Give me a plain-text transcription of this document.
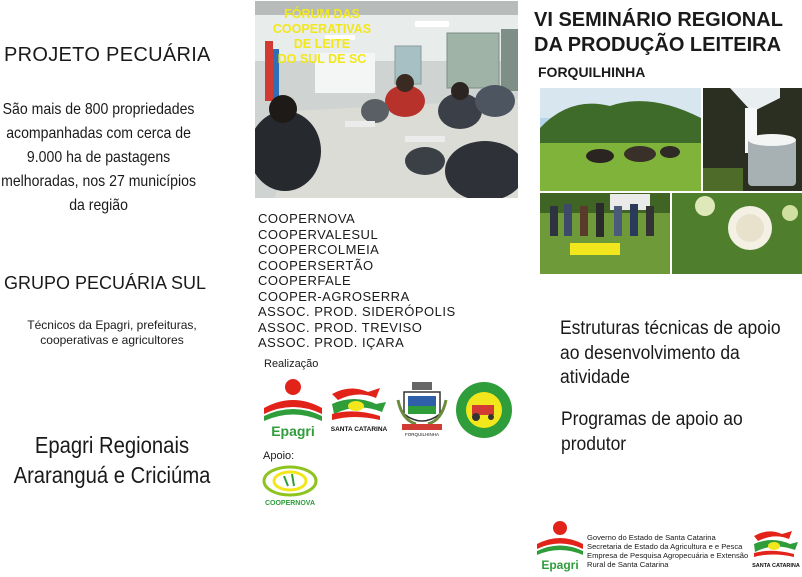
PROJETO PECUÁRIA
São mais de 800 propriedades acompanhadas com cerca de 9.000 ha de pastagens melhoradas, nos 27 municípios da região
GRUPO PECUÁRIA SUL
Técnicos da Epagri, prefeituras, cooperativas e agricultores
Epagri Regionais Araranguá e Criciúma
FÓRUM DAS
COOPERATIVAS
DE LEITE
DO SUL DE SC
COOPERNOVA
COOPERVALESUL
COOPERCOLMEIA
COOPERSERTÃO
COOPERFALE
COOPER-AGROSERRA
ASSOC. PROD. SIDERÓPOLIS
ASSOC. PROD. TREVISO
ASSOC. PROD. IÇARA
Realização
Epagri SANTA CATARINA
FORQUILHINHA
Apoio:
COOPERNOVA
VI SEMINÁRIO REGIONAL DA PRODUÇÃO LEITEIRA
FORQUILHINHA
Estruturas técnicas de apoio ao desenvolvimento da atividade
Programas de apoio ao produtor
Epagri
Governo do Estado de Santa Catarina
Secretaria de Estado da Agricultura e e Pesca
Empresa de Pesquisa Agropecuária e Extensão
Rural de Santa Catarina	SANTA CATARINA
